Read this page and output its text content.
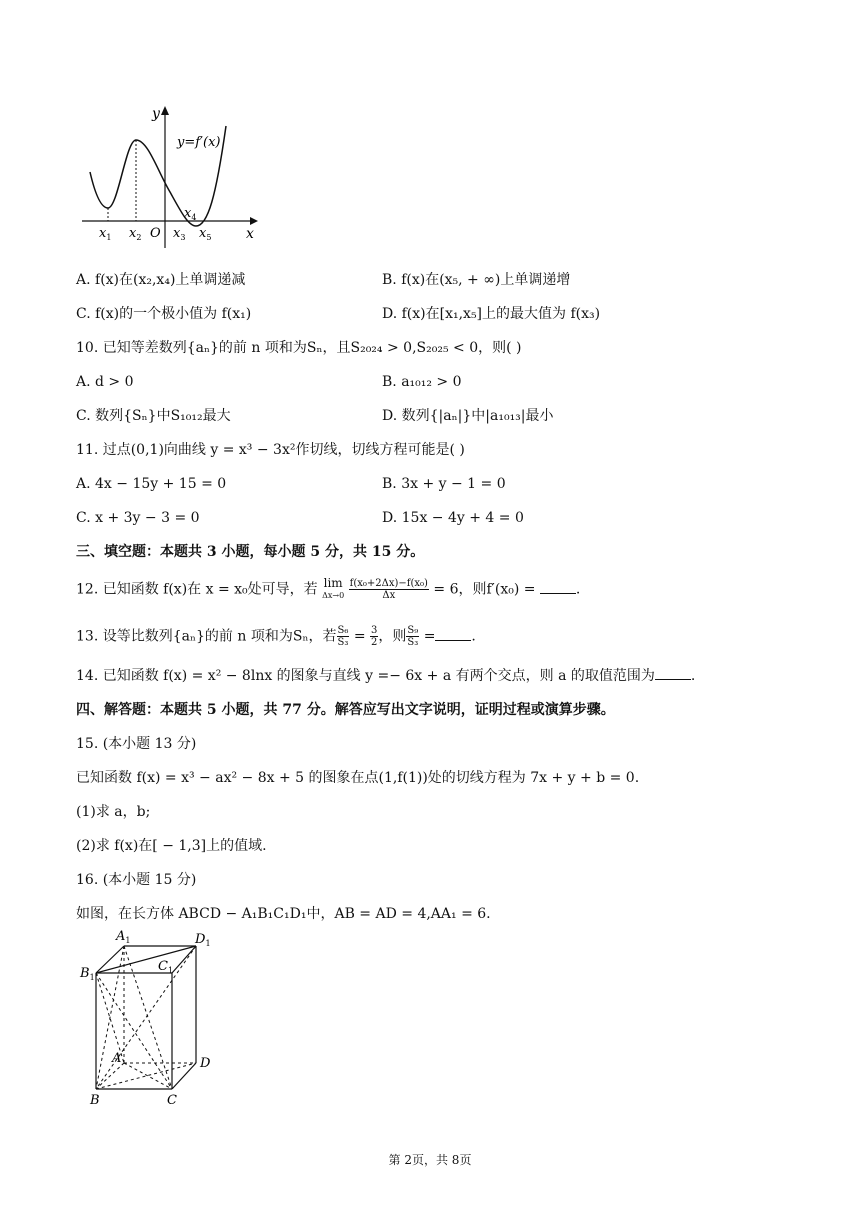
y
x
y=f′(x)
O
$x_1$ $x_2$ $x_3$
$x_4$
$x_5$
A. f(x)在(x₂,x₄)上单调递减	B. f(x)在(x₅, + ∞)上单调递增
C. f(x)的一个极小值为 f(x₁)	D. f(x)在[x₁,x₅]上的最大值为 f(x₃)
10. 已知等差数列{aₙ}的前 n 项和为Sₙ，且S₂₀₂₄ > 0,S₂₀₂₅ < 0，则( )
A. d > 0	B. a₁₀₁₂ > 0
C. 数列{Sₙ}中S₁₀₁₂最大	D. 数列{|aₙ|}中|a₁₀₁₃|最小
11. 过点(0,1)向曲线 y = x³ − 3x²作切线，切线方程可能是( )
A. 4x − 15y + 15 = 0	B. 3x + y − 1 = 0
C. x + 3y − 3 = 0	D. 15x − 4y + 4 = 0
三、填空题：本题共 3 小题，每小题 5 分，共 15 分。
12. 已知函数 f(x)在 x = x₀处可导，若 lim
$\Delta x\to 0 \frac{\text{f(x₀+2Δx)−f(x₀)}}{\Delta x} = 6$，则f′(x₀) =	.
13. 设等比数列{aₙ}的前 n 项和为Sₙ，若 $\frac{\text{S₆}}{\text{S₃}} = \frac{3}{2}$ ，则 $\frac{\text{S₉}}{\text{S₃}}$ =	.
14. 已知函数 f(x) = x² − 8lnx 的图象与直线 y =− 6x + a 有两个交点，则 a 的取值范围为	.
四、解答题：本题共 5 小题，共 77 分。解答应写出文字说明，证明过程或演算步骤。
15. (本小题 13 分)
已知函数 f(x) = x³ − ax² − 8x + 5 的图象在点(1,f(1))处的切线方程为 7x + y + b = 0.
(1)求 a，b;
(2)求 f(x)在[ − 1,3]上的值域.
16. (本小题 15 分)
如图，在长方体 ABCD − A₁B₁C₁D₁中，AB = AD = 4,AA₁ = 6.
$A_1$	$D_1$
$B_1$
$C_1$
A	D
B	C
第 2页，共 8页
